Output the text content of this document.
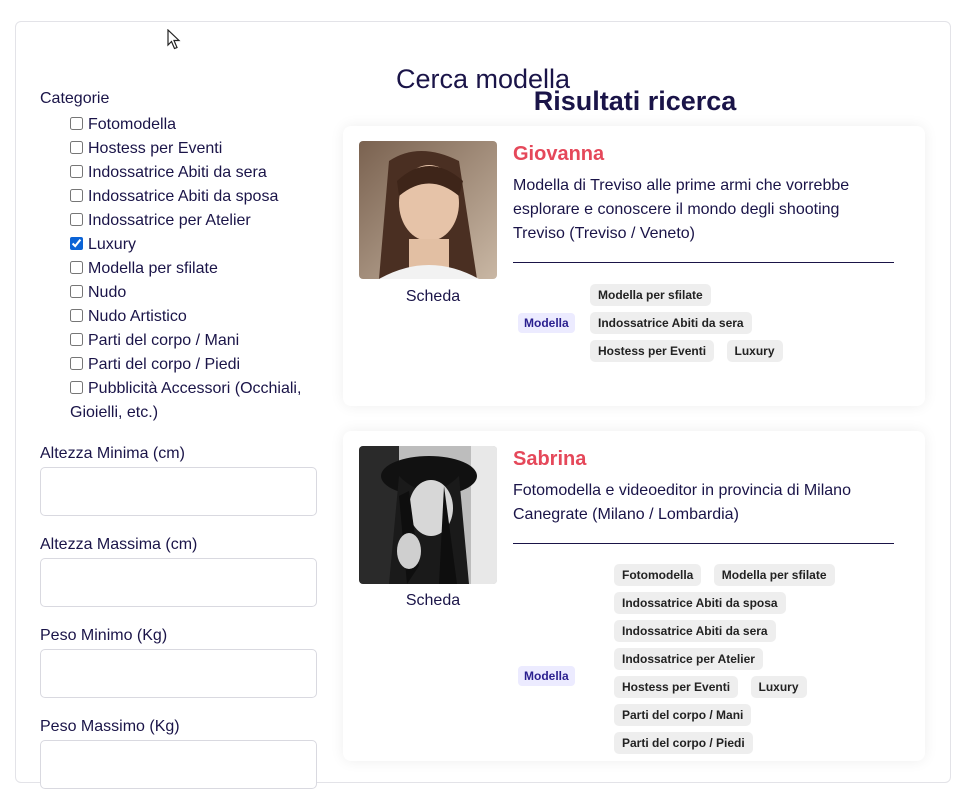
Cerca modella
Categorie
Fotomodella
Hostess per Eventi
Indossatrice Abiti da sera
Indossatrice Abiti da sposa
Indossatrice per Atelier
Luxury
Modella per sfilate
Nudo
Nudo Artistico
Parti del corpo / Mani
Parti del corpo / Piedi
Pubblicità Accessori (Occhiali, Gioielli, etc.)
Altezza Minima (cm)
Altezza Massima (cm)
Peso Minimo (Kg)
Peso Massimo (Kg)
Risultati ricerca
Scheda
Giovanna

Modella di Treviso alle prime armi che vorrebbe esplorare e conoscere il mondo degli shooting

Treviso (Treviso / Veneto)

Modella
Modella per sfilate Indossatrice Abiti da sera Hostess per Eventi Luxury
Scheda
Sabrina

Fotomodella e videoeditor in provincia di Milano

Canegrate (Milano / Lombardia)

Modella
Fotomodella Modella per sfilate Indossatrice Abiti da sposa Indossatrice Abiti da sera Indossatrice per Atelier Hostess per Eventi Luxury Parti del corpo / Mani Parti del corpo / Piedi
